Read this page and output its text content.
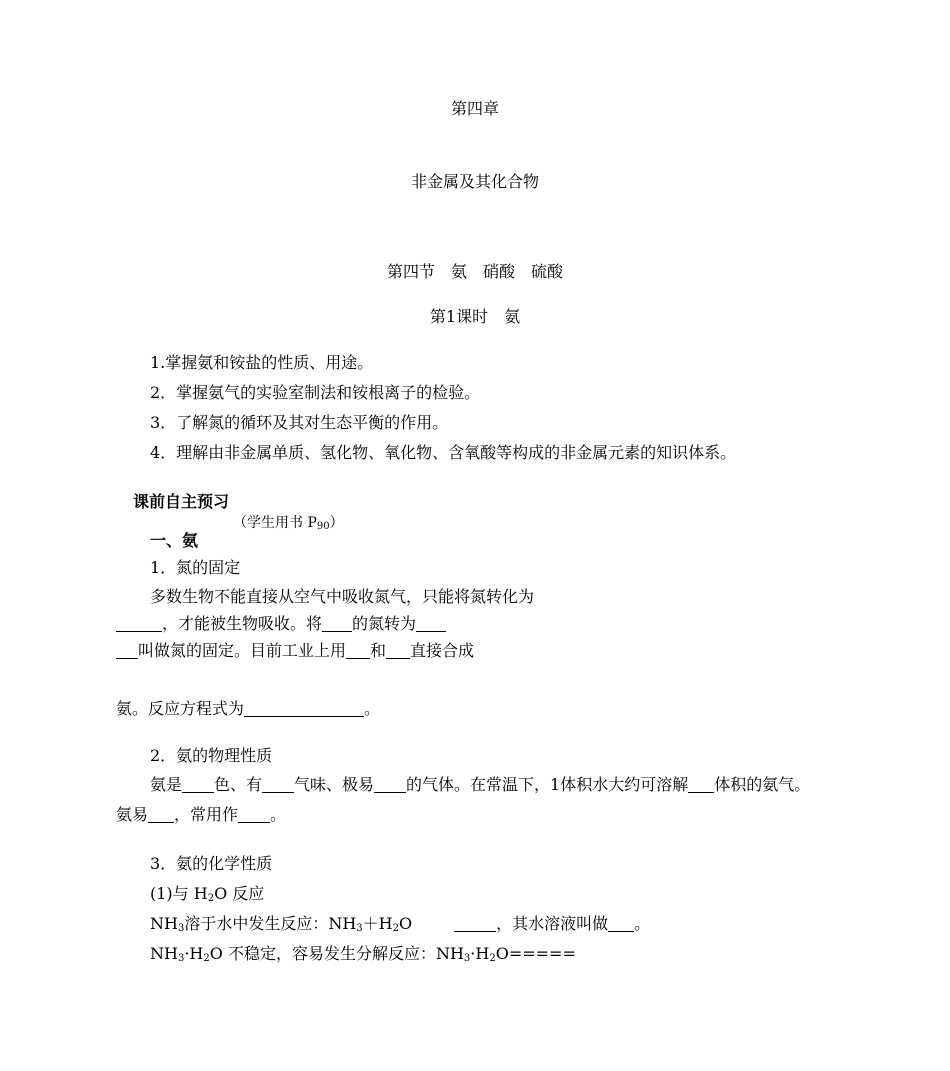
第四章
非金属及其化合物
第四节　氨　硝酸　硫酸
第1课时　氨
1.掌握氨和铵盐的性质、用途。
2．掌握氨气的实验室制法和铵根离子的检验。
3．了解氮的循环及其对生态平衡的作用。
4．理解由非金属单质、氢化物、氧化物、含氧酸等构成的非金属元素的知识体系。
课前自主预习
（学生用书 $P_{90}$）
一、氨
1．氮的固定
多数生物不能直接从空气中吸收氮气，只能将氮转化为
，才能被生物吸收。将 的氮转为
叫做氮的固定。目前工业上用 和 直接合成
氨。反应方程式为	。
2．氨的物理性质
氨是 色、有 气味、极易 的气体。在常温下，1体积水大约可溶解 体积的氨气。
氨易 ，常用作 。
3．氨的化学性质
(1)与 $H_2O$ 反应
$NH_3$溶于水中发生反应：$NH_3+H_2O$	，其水溶液叫做 。
$NH_3\cdot H_2O$ 不稳定，容易发生分解反应：$NH_3\cdot H_2O=====$
